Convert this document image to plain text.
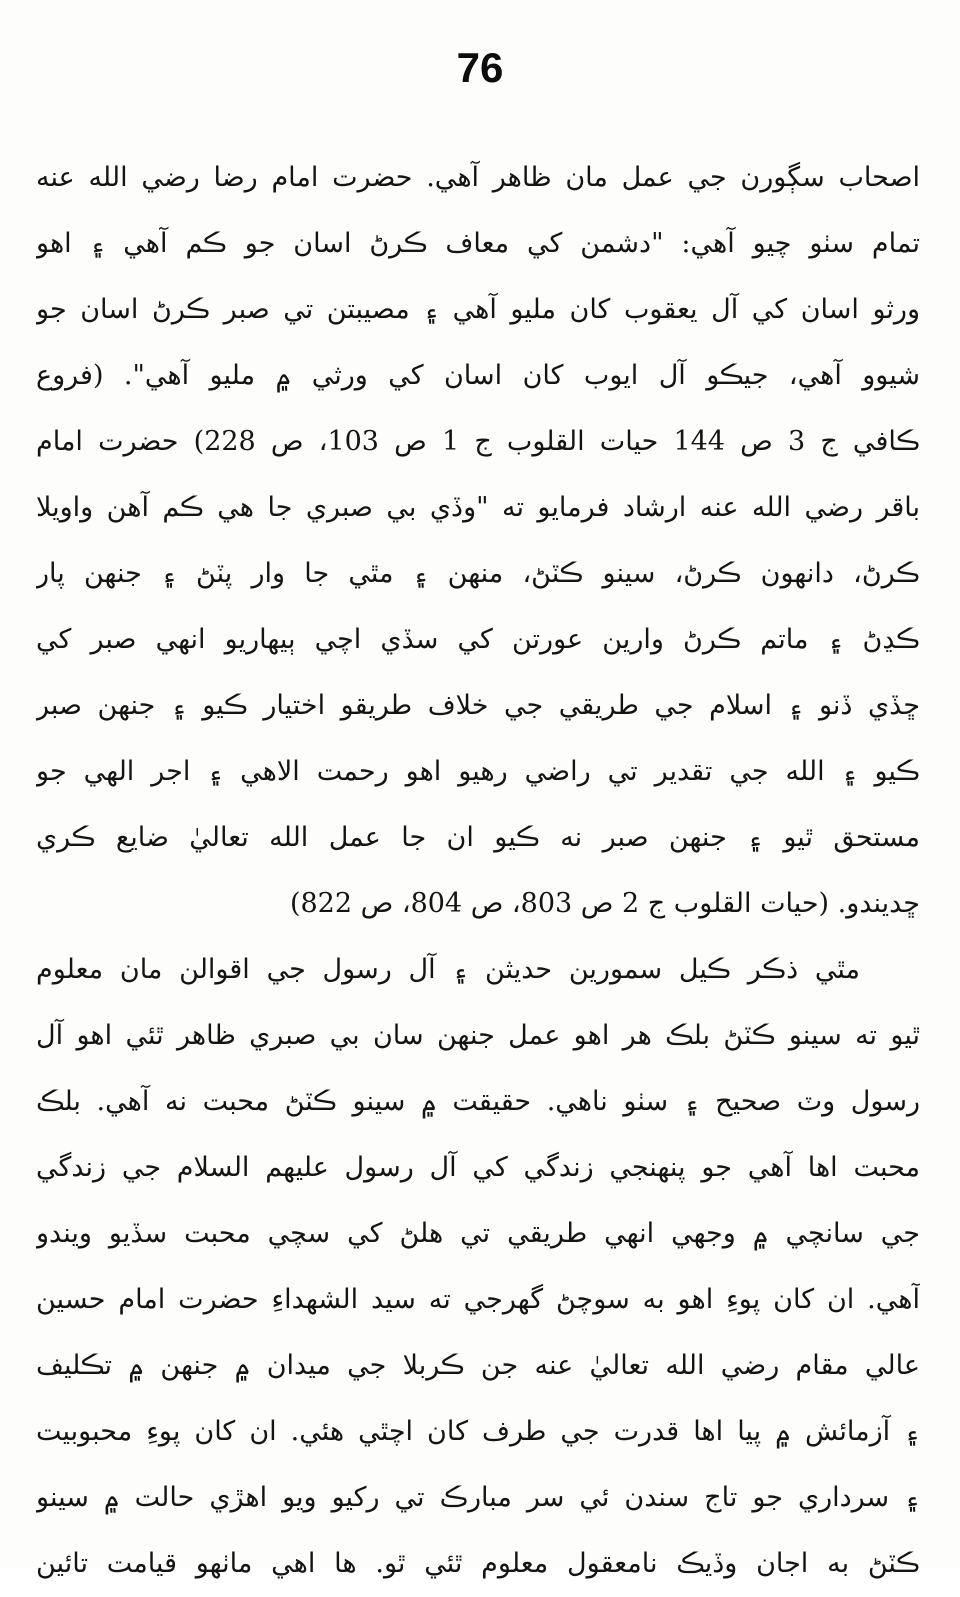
76
اصحاب سڳورن جي عمل مان ظاهر آهي. حضرت امام رضا رضي الله عنه
تمام سٺو چيو آهي: "دشمن کي معاف ڪرڻ اسان جو ڪم آهي ۽ اهو
ورثو اسان کي آل يعقوب کان مليو آهي ۽ مصيبتن تي صبر ڪرڻ اسان جو
شيوو آهي، جيڪو آل ايوب کان اسان کي ورثي ۾ مليو آهي". (فروع
ڪافي ج 3 ص 144 حيات القلوب ج 1 ص 103، ص 228) حضرت امام
باقر رضي الله عنه ارشاد فرمايو ته "وڏي بي صبري جا هي ڪم آهن واويلا
ڪرڻ، دانهون ڪرڻ، سينو ڪٽڻ، منهن ۽ مٿي جا وار پٽڻ ۽ جنهن پار
ڪڍڻ ۽ ماتم ڪرڻ وارين عورتن کي سڏي اچي ٻيهاريو انهي صبر کي
ڇڏي ڏنو ۽ اسلام جي طريقي جي خلاف طريقو اختيار ڪيو ۽ جنهن صبر
ڪيو ۽ الله جي تقدير تي راضي رهيو اهو رحمت الاهي ۽ اجر الهي جو
مستحق ٿيو ۽ جنهن صبر نه ڪيو ان جا عمل الله تعاليٰ ضايع ڪري
ڇديندو. (حيات القلوب ج 2 ص 803، ص 804، ص 822)
مٿي ذڪر ڪيل سمورين حديثن ۽ آل رسول جي اقوالن مان معلوم
ٿيو ته سينو ڪٽڻ بلڪ هر اهو عمل جنهن سان بي صبري ظاهر ٿئي اهو آل
رسول وٽ صحيح ۽ سٺو ناهي. حقيقت ۾ سينو ڪٽڻ محبت نه آهي. بلڪ
محبت اها آهي جو پنهنجي زندگي کي آل رسول عليهم السلام جي زندگي
جي سانچي ۾ وجهي انهي طريقي تي هلڻ کي سچي محبت سڏيو ويندو
آهي. ان کان پوءِ اهو به سوچڻ گهرجي ته سيد الشهداءِ حضرت امام حسين
عالي مقام رضي الله تعاليٰ عنه جن ڪربلا جي ميدان ۾ جنهن ۾ تڪليف
۽ آزمائش ۾ پيا اها قدرت جي طرف کان اچٿي هئي. ان کان پوءِ محبوبيت
۽ سرداري جو تاج سندن ئي سر مبارڪ تي رکيو ويو اهڙي حالت ۾ سينو
ڪٽڻ به اجان وڏيڪ نامعقول معلوم ٿئي ٿو. ها اهي ماٺهو قيامت تائين
